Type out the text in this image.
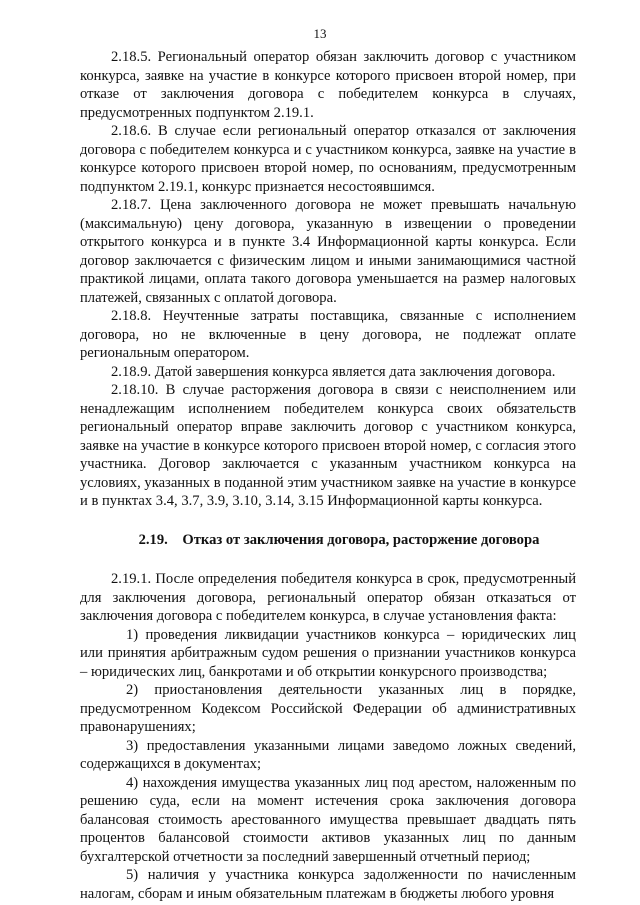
13

2.18.5. Региональный оператор обязан заключить договор с участником конкурса, заявке на участие в конкурсе которого присвоен второй номер, при отказе от заключения договора с победителем конкурса в случаях, предусмотренных подпунктом 2.19.1.

2.18.6. В случае если региональный оператор отказался от заключения договора с победителем конкурса и с участником конкурса, заявке на участие в конкурсе которого присвоен второй номер, по основаниям, предусмотренным подпунктом 2.19.1, конкурс признается несостоявшимся.

2.18.7. Цена заключенного договора не может превышать начальную (максимальную) цену договора, указанную в извещении о проведении открытого конкурса и в пункте 3.4 Информационной карты конкурса. Если договор заключается с физическим лицом и иными занимающимися частной практикой лицами, оплата такого договора уменьшается на размер налоговых платежей, связанных с оплатой договора.

2.18.8. Неучтенные затраты поставщика, связанные с исполнением договора, но не включенные в цену договора, не подлежат оплате региональным оператором.

2.18.9. Датой завершения конкурса является дата заключения договора.

2.18.10. В случае расторжения договора в связи с неисполнением или ненадлежащим исполнением победителем конкурса своих обязательств региональный оператор вправе заключить договор с участником конкурса, заявке на участие в конкурсе которого присвоен второй номер, с согласия этого участника. Договор заключается с указанным участником конкурса на условиях, указанных в поданной этим участником заявке на участие в конкурсе и в пунктах 3.4, 3.7, 3.9, 3.10, 3.14, 3.15 Информационной карты конкурса.

2.19. Отказ от заключения договора, расторжение договора

2.19.1. После определения победителя конкурса в срок, предусмотренный для заключения договора, региональный оператор обязан отказаться от заключения договора с победителем конкурса, в случае установления факта:

1) проведения ликвидации участников конкурса – юридических лиц или принятия арбитражным судом решения о признании участников конкурса – юридических лиц, банкротами и об открытии конкурсного производства;

2) приостановления деятельности указанных лиц в порядке, предусмотренном Кодексом Российской Федерации об административных правонарушениях;

3) предоставления указанными лицами заведомо ложных сведений, содержащихся в документах;

4) нахождения имущества указанных лиц под арестом, наложенным по решению суда, если на момент истечения срока заключения договора балансовая стоимость арестованного имущества превышает двадцать пять процентов балансовой стоимости активов указанных лиц по данным бухгалтерской отчетности за последний завершенный отчетный период;

5) наличия у участника конкурса задолженности по начисленным налогам, сборам и иным обязательным платежам в бюджеты любого уровня
